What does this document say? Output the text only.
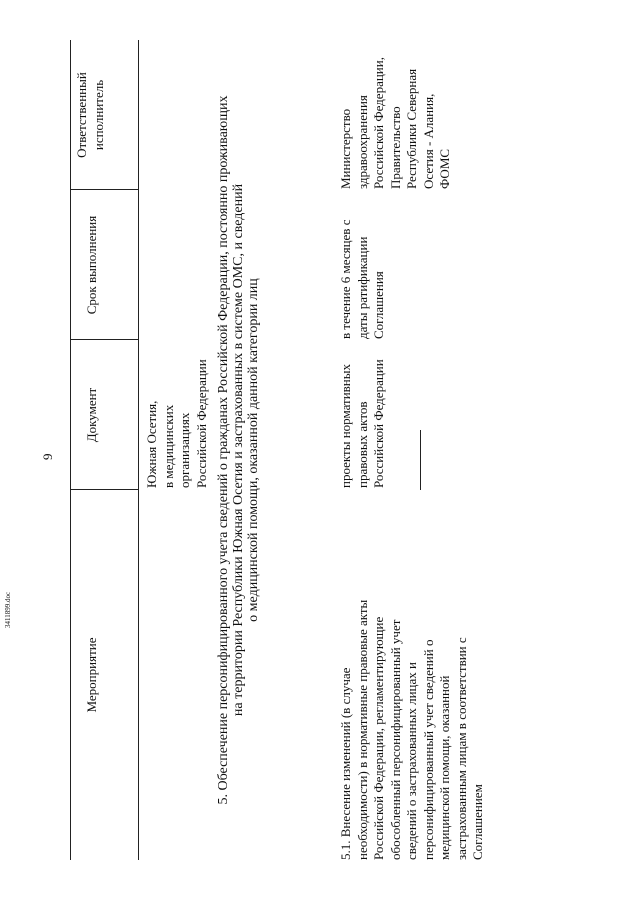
9
Мероприятие
Документ
Срок выполнения
Ответственный исполнитель
Южная Осетия, в медицинских организациях Российской Федерации
5.1. Внесение изменений (в случае необходимости) в нормативные правовые акты Российской Федерации, регламентирующие обособленный персонифицированный учет сведений о застрахованных лицах и персонифицированный учет сведений о медицинской помощи, оказанной застрахованным лицам в соответствии с Соглашением
проекты нормативных правовых актов Российской Федерации
в течение 6 месяцев с даты ратификации Соглашения
Министерство здравоохранения Российской Федерации, Правительство Республики Северная Осетия - Алания, ФОМС
5. Обеспечение персонифицированного учета сведений о гражданах Российской Федерации, постоянно проживающих на территории Республики Южная Осетия и застрахованных в системе ОМС, и сведений о медицинской помощи, оказанной данной категории лиц
3411899.doc
